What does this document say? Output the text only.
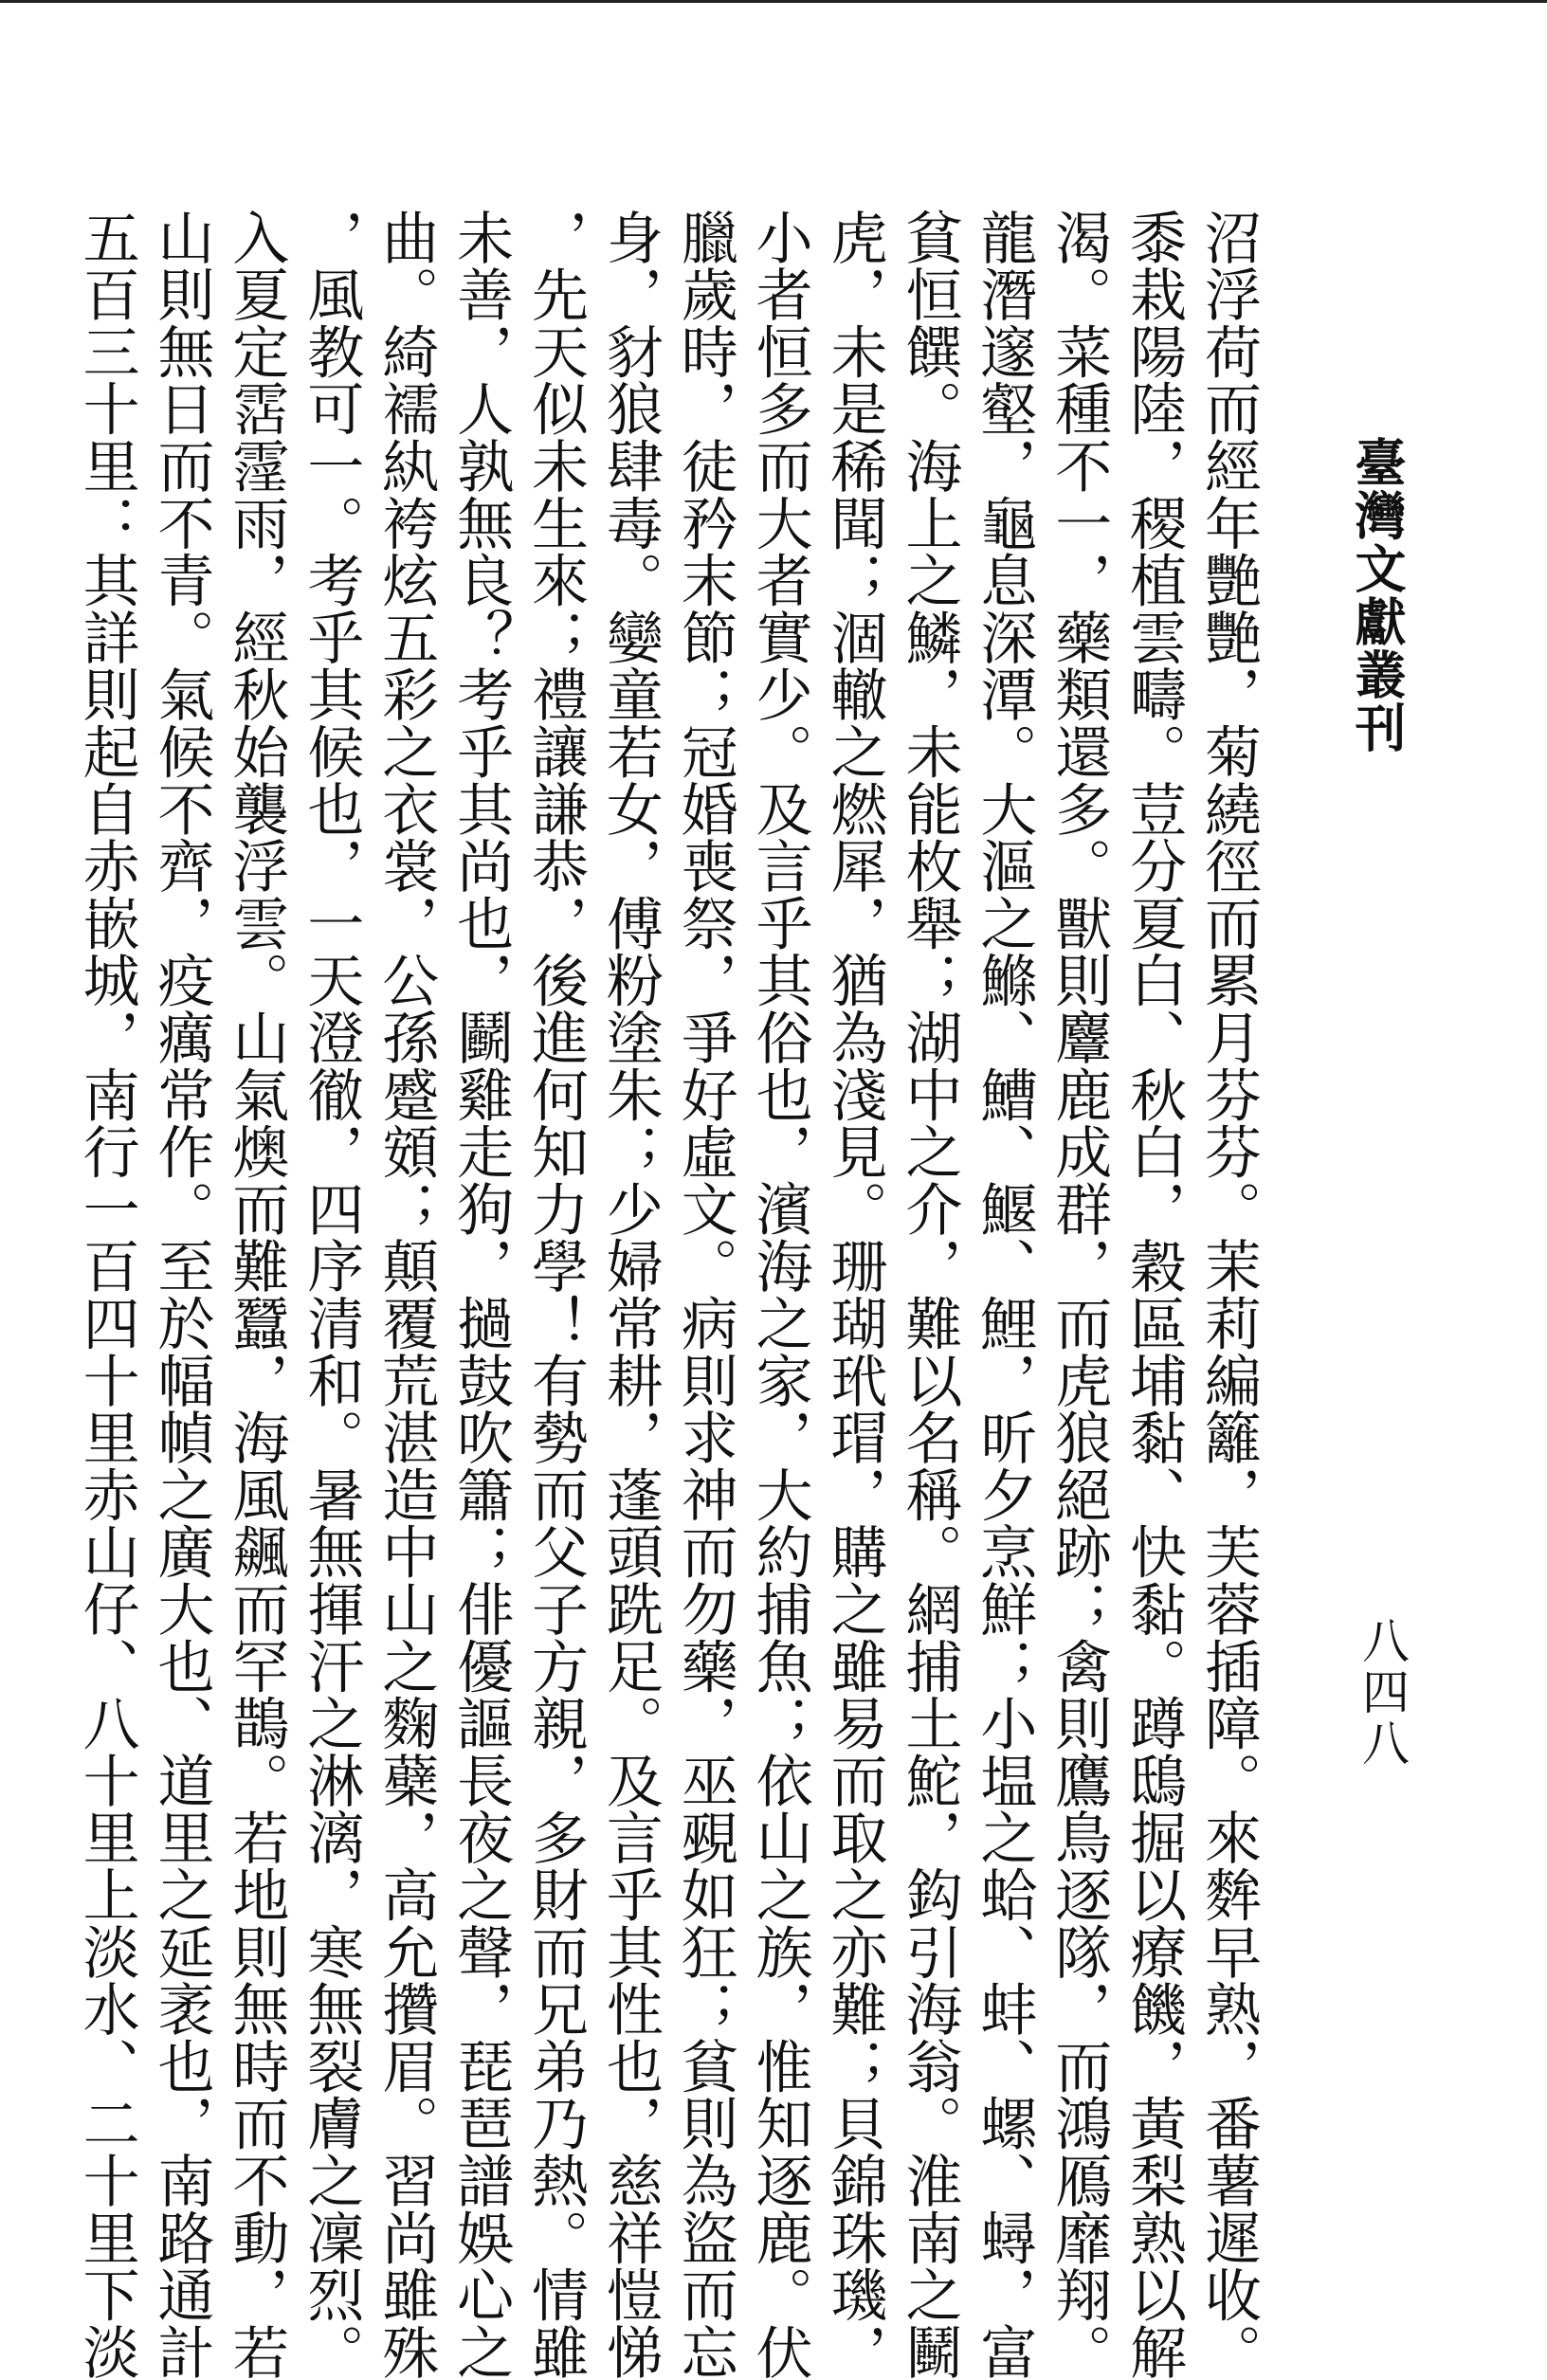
臺灣文獻叢刊
八四八
沼浮荷而經年艷艷，菊繞徑而累月芬芬。茉莉編籬，芙蓉插障。來麰早熟，番薯遲收。
黍栽陽陸，稷植雲疇。荳分夏白、秋白，穀區埔黏、快黏。蹲鴟掘以療饑，黃梨熟以解
渴。菜種不一，藥類還多。獸則麞鹿成群，而虎狼絕跡；禽則鷹鳥逐隊，而鴻鴈靡翔。
龍潛邃壑，龜息深潭。大漚之鰷、鰽、鰋、鯉，昕夕烹鮮；小塭之蛤、蚌、螺、蟳，富
貧恒饌。海上之鱗，未能枚舉；湖中之介，難以名稱。網捕土鮀，鈎引海翁。淮南之鬭
虎，未是稀聞；涸轍之燃犀，猶為淺見。珊瑚玳瑁，購之雖易而取之亦難；貝錦珠璣，
小者恒多而大者實少。及言乎其俗也，濱海之家，大約捕魚；依山之族，惟知逐鹿。伏
臘歲時，徒矜末節；冠婚喪祭，爭好虛文。病則求神而勿藥，巫覡如狂；貧則為盜而忘
身，豺狼肆毒。孌童若女，傅粉塗朱；少婦常耕，蓬頭跣足。及言乎其性也，慈祥愷悌
，先天似未生來；禮讓謙恭，後進何知力學！有勢而父子方親，多財而兄弟乃熱。情雖
未善，人孰無良？考乎其尚也，鬬雞走狗，撾鼓吹簫；俳優謳長夜之聲，琵琶譜娛心之
曲。綺襦紈袴炫五彩之衣裳，公孫蹙頞；顛覆荒湛造中山之麴蘗，高允攢眉。習尚雖殊
，風教可一。考乎其候也，一天澄徹，四序清和。暑無揮汗之淋漓，寒無裂膚之凜烈。
入夏定霑霪雨，經秋始襲浮雲。山氣燠而難蠶，海風飆而罕鵲。若地則無時而不動，若
山則無日而不青。氣候不齊，疫癘常作。至於幅幀之廣大也、道里之延袤也，南路通計
五百三十里：其詳則起自赤嵌城，南行一百四十里赤山仔、八十里上淡水、二十里下淡
